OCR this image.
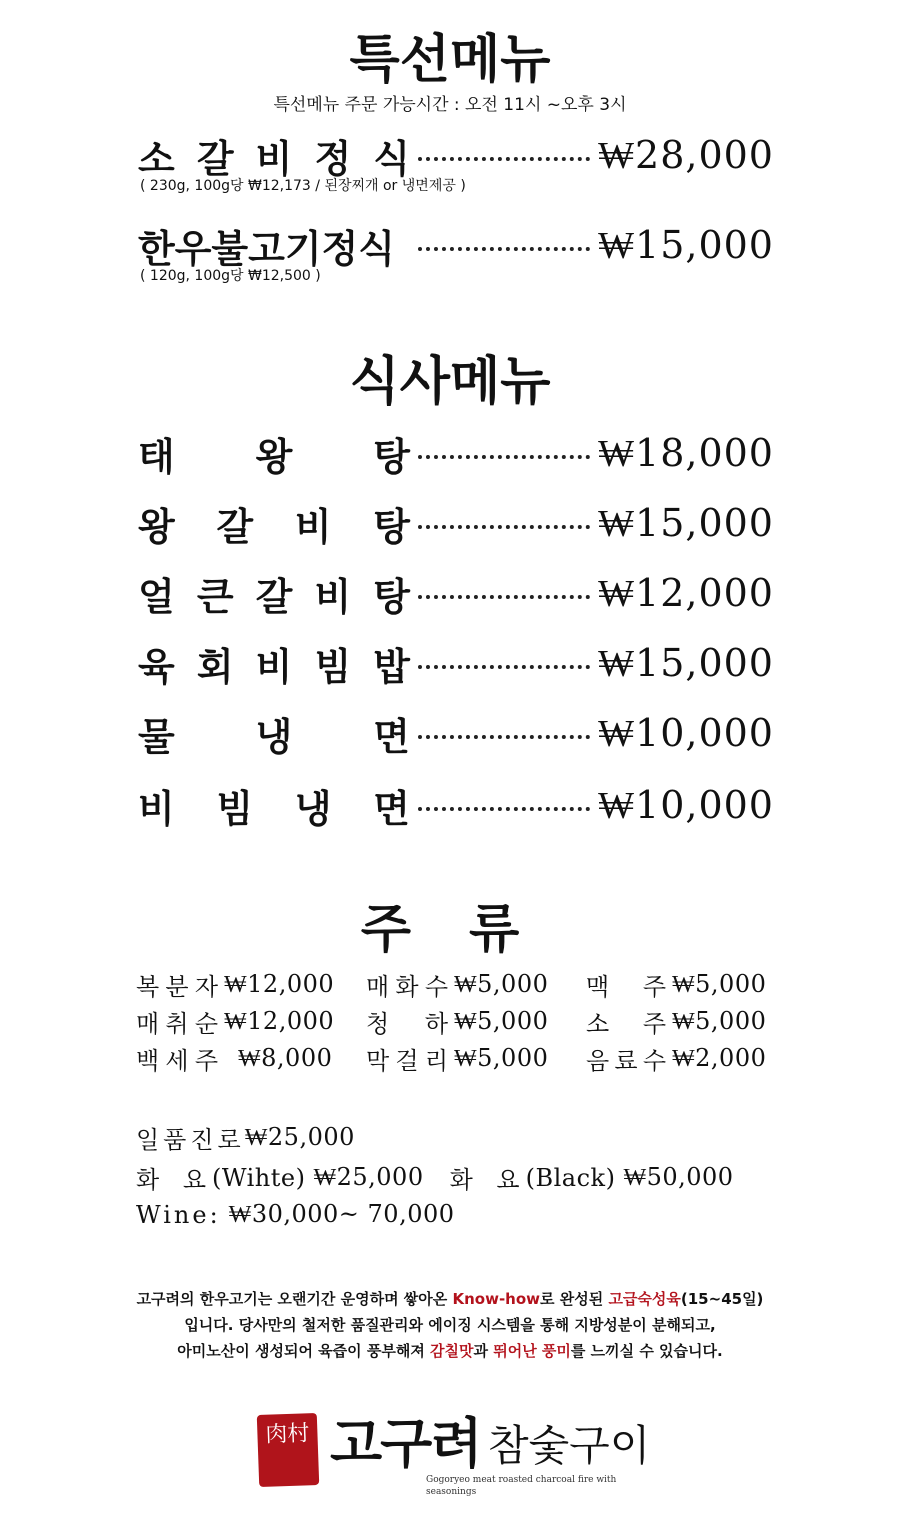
특선메뉴
특선메뉴 주문 가능시간 : 오전 11시 ~오후 3시
소 갈 비 정 식	₩28,000
( 230g, 100g당 ₩12,173 / 된장찌개 or 냉면제공 )
한우불고기정식	₩15,000
( 120g, 100g당 ₩12,500 )
식사메뉴
태 왕 탕	₩18,000
왕 갈 비 탕	₩15,000
얼 큰 갈 비 탕	₩12,000
육 회 비 빔 밥	₩15,000
물 냉 면	₩10,000
비 빔 냉 면	₩10,000
주 류
복 분 자 ₩12,000 매 화 수 ₩5,000 맥 주 ₩5,000
매 취 순 ₩12,000 청 하 ₩5,000 소 주 ₩5,000
백 세 주 ₩8,000 막 걸 리 ₩5,000 음 료 수 ₩2,000
일품진로 ₩25,000
화 요 (Wihte) ₩25,000 화 요 (Black) ₩50,000
Wine: ₩30,000~ 70,000
고구려의 한우고기는 오랜기간 운영하며 쌓아온 Know-how로 완성된 고급숙성육(15~45일)
입니다. 당사만의 철저한 품질관리와 에이징 시스템을 통해 지방성분이 분해되고,
아미노산이 생성되어 육즙이 풍부해져 감칠맛과 뛰어난 풍미를 느끼실 수 있습니다.
肉村 고구려 참숯구이
Gogoryeo meat roasted charcoal fire with seasonings
